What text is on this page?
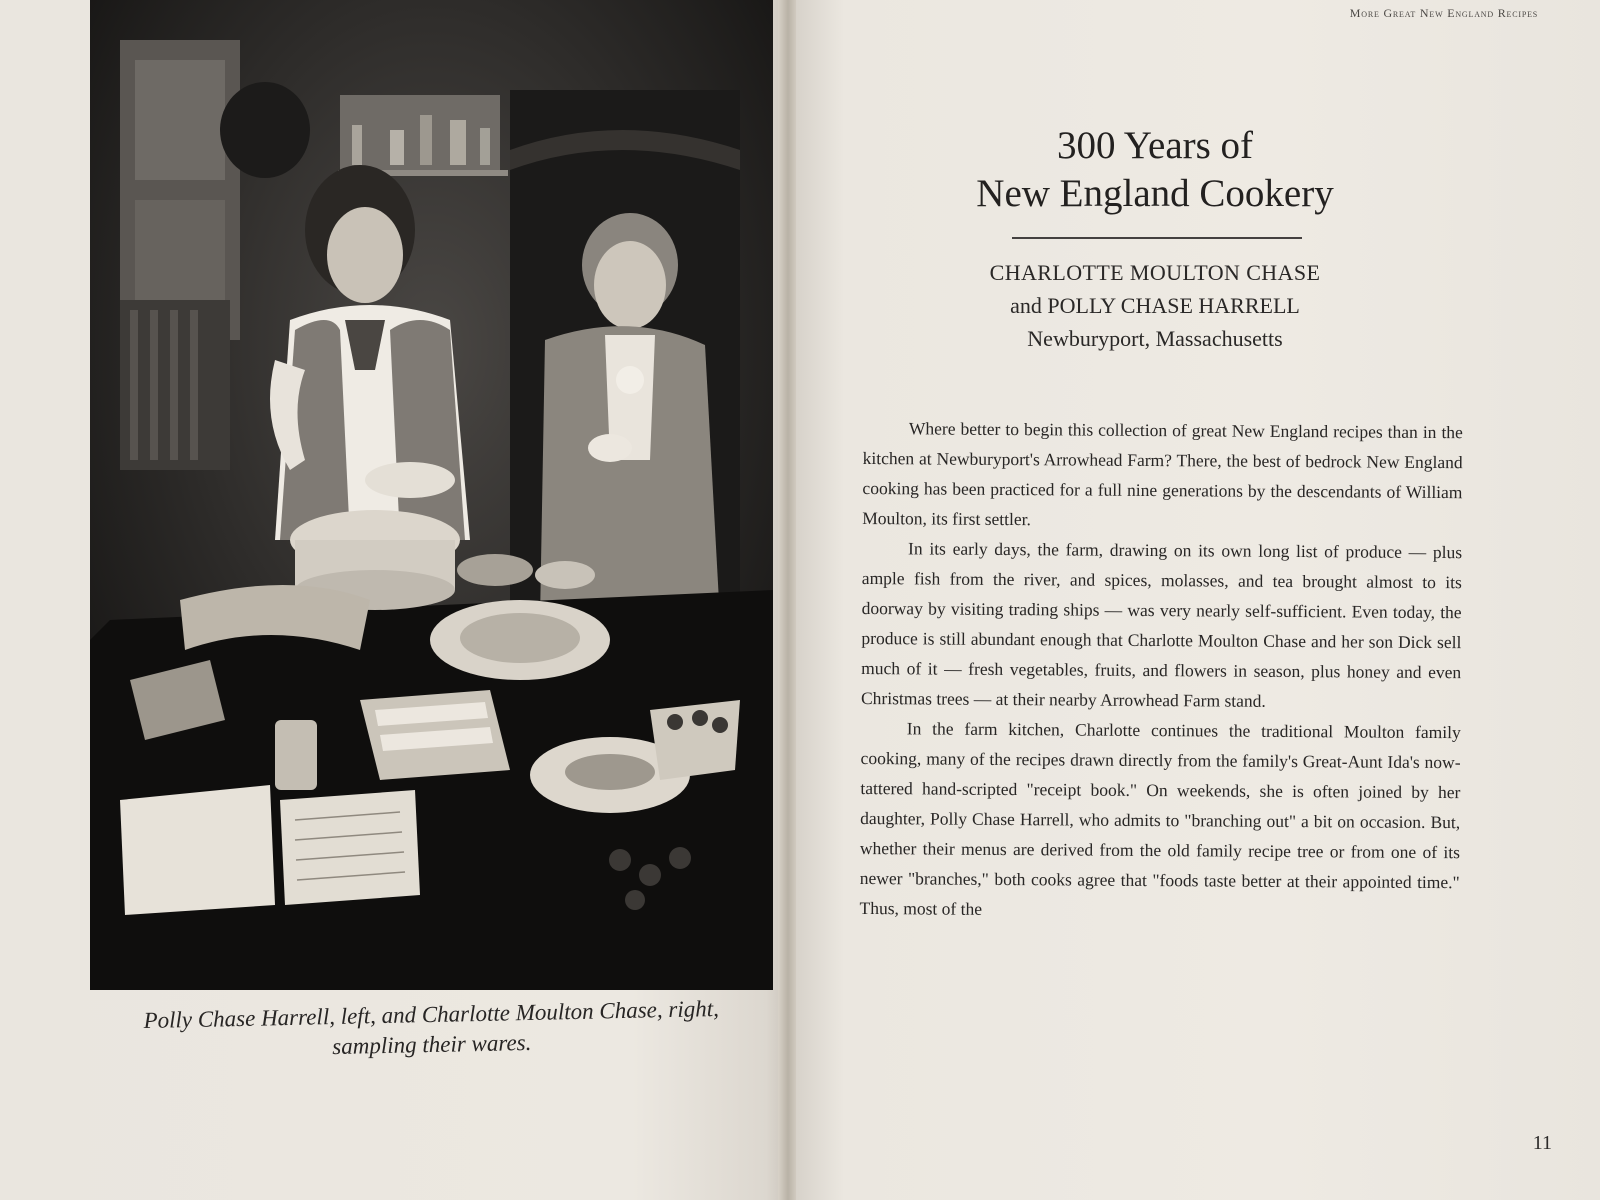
Polly Chase Harrell, left, and Charlotte Moulton Chase, right,
sampling their wares.
More Great New England Recipes
300 Years of
New England Cookery
CHARLOTTE MOULTON CHASE
and POLLY CHASE HARRELL
Newburyport, Massachusetts

Where better to begin this collection of great New England recipes than in the kitchen at Newburyport's Arrowhead Farm? There, the best of bedrock New England cooking has been practiced for a full nine generations by the descendants of William Moulton, its first settler.

In its early days, the farm, drawing on its own long list of produce — plus ample fish from the river, and spices, molasses, and tea brought almost to its doorway by visiting trading ships — was very nearly self-sufficient. Even today, the produce is still abundant enough that Charlotte Moulton Chase and her son Dick sell much of it — fresh vegetables, fruits, and flowers in season, plus honey and even Christmas trees — at their nearby Arrowhead Farm stand.

In the farm kitchen, Charlotte continues the traditional Moulton family cooking, many of the recipes drawn directly from the family's Great-Aunt Ida's now-tattered hand-scripted "receipt book." On weekends, she is often joined by her daughter, Polly Chase Harrell, who admits to "branching out" a bit on occasion. But, whether their menus are derived from the old family recipe tree or from one of its newer "branches," both cooks agree that "foods taste better at their appointed time." Thus, most of the

11
